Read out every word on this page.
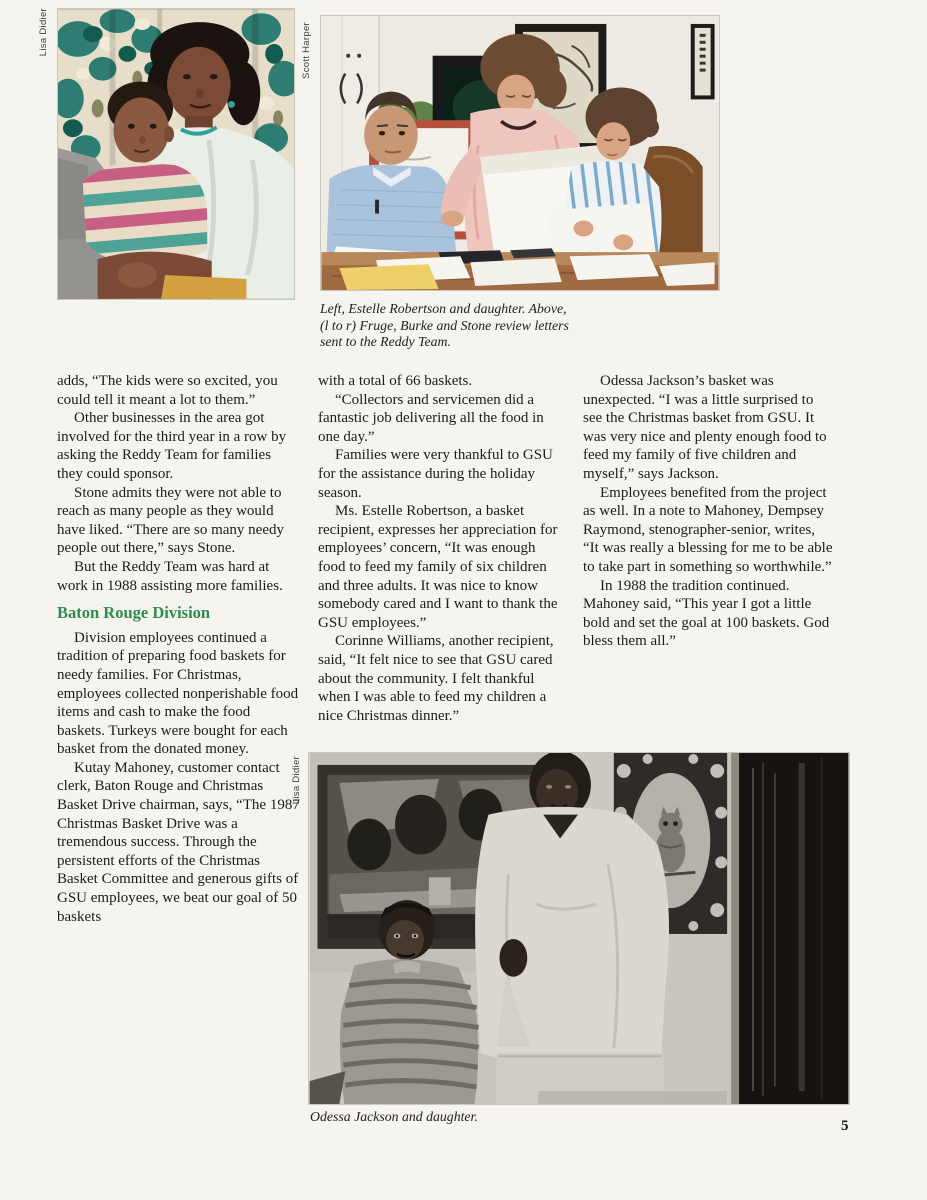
Lisa Didier	Scott Harper
Left, Estelle Robertson and daughter. Above, (l to r) Fruge, Burke and Stone review letters sent to the Reddy Team.

adds, “The kids were so excited, you could tell it meant a lot to them.”

Other businesses in the area got involved for the third year in a row by asking the Reddy Team for families they could sponsor.

Stone admits they were not able to reach as many people as they would have liked. “There are so many needy people out there,” says Stone.

But the Reddy Team was hard at work in 1988 assisting more families.

Baton Rouge Division

Division employees continued a tradition of preparing food baskets for needy families. For Christmas, employees collected nonperishable food items and cash to make the food baskets. Turkeys were bought for each basket from the donated money.

Kutay Mahoney, customer contact clerk, Baton Rouge and Christmas Basket Drive chairman, says, “The 1987 Christmas Basket Drive was a tremendous success. Through the persistent efforts of the Christmas Basket Committee and generous gifts of GSU employees, we beat our goal of 50 baskets

with a total of 66 baskets.

“Collectors and servicemen did a fantastic job delivering all the food in one day.”

Families were very thankful to GSU for the assistance during the holiday season.

Ms. Estelle Robertson, a basket recipient, expresses her appreciation for employees’ concern, “It was enough food to feed my family of six children and three adults. It was nice to know somebody cared and I want to thank the GSU employees.”

Corinne Williams, another recipient, said, “It felt nice to see that GSU cared about the community. I felt thankful when I was able to feed my children a nice Christmas dinner.”

Odessa Jackson’s basket was unexpected. “I was a little surprised to see the Christmas basket from GSU. It was very nice and plenty enough food to feed my family of five children and myself,” says Jackson.

Employees benefited from the project as well. In a note to Mahoney, Dempsey Raymond, stenographer-senior, writes, “It was really a blessing for me to be able to take part in something so worthwhile.”

In 1988 the tradition continued. Mahoney said, “This year I got a little bold and set the goal at 100 baskets. God bless them all.”

Lisa Didier
Odessa Jackson and daughter.
5
